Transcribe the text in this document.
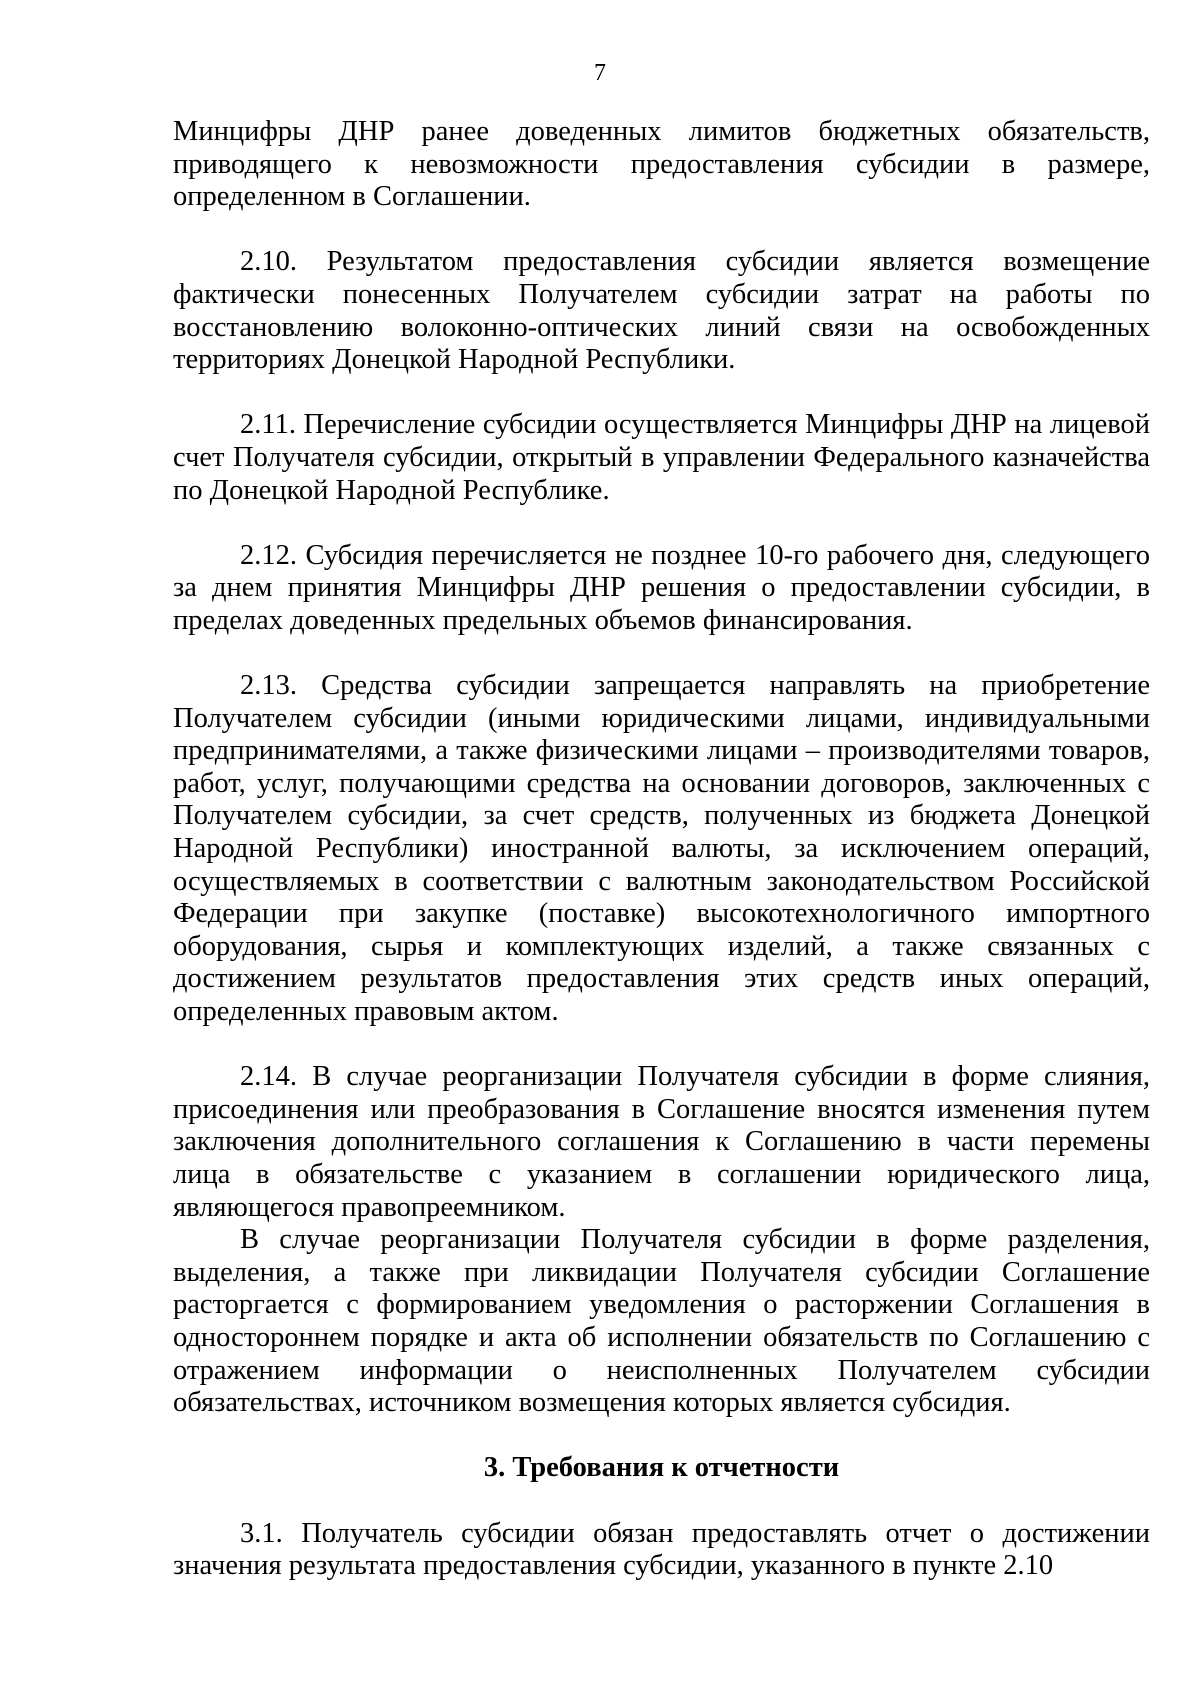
7

Минцифры ДНР ранее доведенных лимитов бюджетных обязательств, приводящего к невозможности предоставления субсидии в размере, определенном в Соглашении.

2.10. Результатом предоставления субсидии является возмещение фактически понесенных Получателем субсидии затрат на работы по восстановлению волоконно-оптических линий связи на освобожденных территориях Донецкой Народной Республики.

2.11. Перечисление субсидии осуществляется Минцифры ДНР на лицевой счет Получателя субсидии, открытый в управлении Федерального казначейства по Донецкой Народной Республике.

2.12. Субсидия перечисляется не позднее 10-го рабочего дня, следующего за днем принятия Минцифры ДНР решения о предоставлении субсидии, в пределах доведенных предельных объемов финансирования.

2.13. Средства субсидии запрещается направлять на приобретение Получателем субсидии (иными юридическими лицами, индивидуальными предпринимателями, а также физическими лицами – производителями товаров, работ, услуг, получающими средства на основании договоров, заключенных с Получателем субсидии, за счет средств, полученных из бюджета Донецкой Народной Республики) иностранной валюты, за исключением операций, осуществляемых в соответствии с валютным законодательством Российской Федерации при закупке (поставке) высокотехнологичного импортного оборудования, сырья и комплектующих изделий, а также связанных с достижением результатов предоставления этих средств иных операций, определенных правовым актом.

2.14. В случае реорганизации Получателя субсидии в форме слияния, присоединения или преобразования в Соглашение вносятся изменения путем заключения дополнительного соглашения к Соглашению в части перемены лица в обязательстве с указанием в соглашении юридического лица, являющегося правопреемником.

В случае реорганизации Получателя субсидии в форме разделения, выделения, а также при ликвидации Получателя субсидии Соглашение расторгается с формированием уведомления о расторжении Соглашения в одностороннем порядке и акта об исполнении обязательств по Соглашению с отражением информации о неисполненных Получателем субсидии обязательствах, источником возмещения которых является субсидия.

3. Требования к отчетности

3.1. Получатель субсидии обязан предоставлять отчет о достижении значения результата предоставления субсидии, указанного в пункте 2.10
